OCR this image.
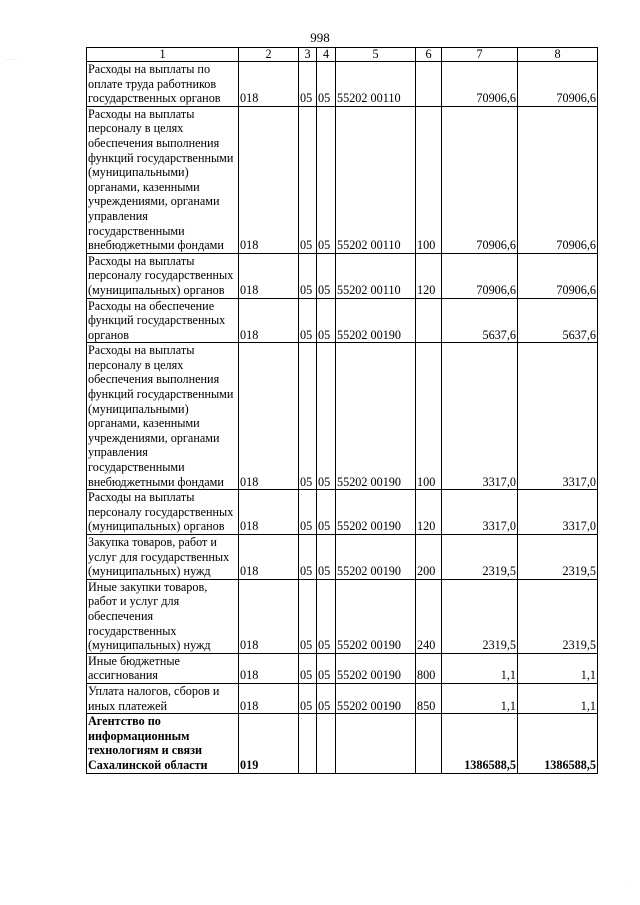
998
· · · · ·
·
1	2	3	4	5	6	7	8
Расходы на выплаты по оплате труда работников государственных органов	018	05	05	55202 00110		70906,6	70906,6
Расходы на выплаты персоналу в целях обеспечения выполнения функций государственными (муниципальными) органами, казенными учреждениями, органами управления государственными внебюджетными фондами	018	05	05	55202 00110	100	70906,6	70906,6
Расходы на выплаты персоналу государственных (муниципальных) органов	018	05	05	55202 00110	120	70906,6	70906,6
Расходы на обеспечение функций государственных органов	018	05	05	55202 00190		5637,6	5637,6
Расходы на выплаты персоналу в целях обеспечения выполнения функций государственными (муниципальными) органами, казенными учреждениями, органами управления государственными внебюджетными фондами	018	05	05	55202 00190	100	3317,0	3317,0
Расходы на выплаты персоналу государственных (муниципальных) органов	018	05	05	55202 00190	120	3317,0	3317,0
Закупка товаров, работ и услуг для государственных (муниципальных) нужд	018	05	05	55202 00190	200	2319,5	2319,5
Иные закупки товаров, работ и услуг для обеспечения государственных (муниципальных) нужд	018	05	05	55202 00190	240	2319,5	2319,5
Иные бюджетные ассигнования	018	05	05	55202 00190	800	1,1	1,1
Уплата налогов, сборов и иных платежей	018	05	05	55202 00190	850	1,1	1,1
Агентство по информационным технологиям и связи Сахалинской области	019					1386588,5	1386588,5
